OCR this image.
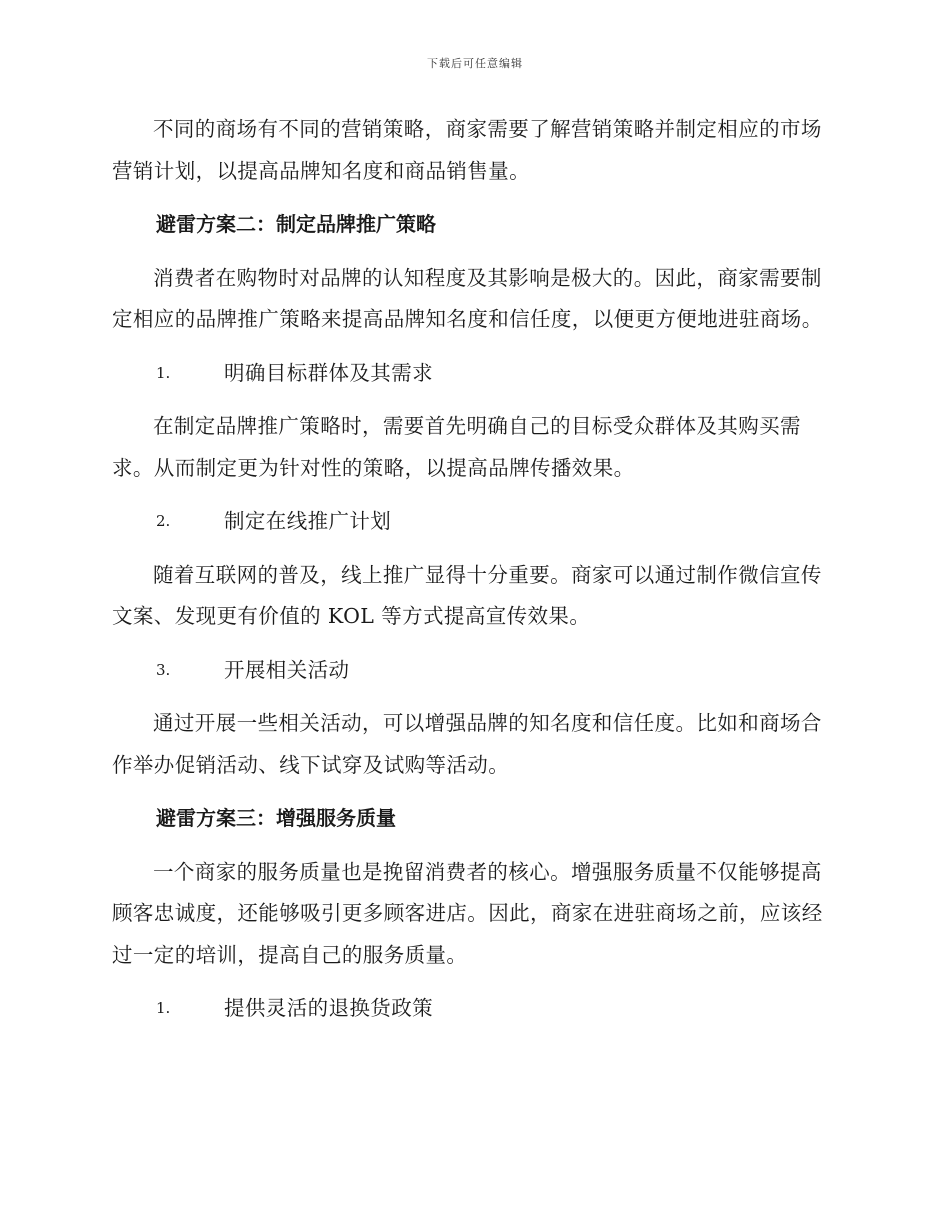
下载后可任意编辑

不同的商场有不同的营销策略，商家需要了解营销策略并制定相应的市场营销计划，以提高品牌知名度和商品销售量。

避雷方案二：制定品牌推广策略

消费者在购物时对品牌的认知程度及其影响是极大的。因此，商家需要制定相应的品牌推广策略来提高品牌知名度和信任度，以便更方便地进驻商场。

1.	明确目标群体及其需求

在制定品牌推广策略时，需要首先明确自己的目标受众群体及其购买需求。从而制定更为针对性的策略，以提高品牌传播效果。

2.	制定在线推广计划

随着互联网的普及，线上推广显得十分重要。商家可以通过制作微信宣传文案、发现更有价值的 KOL 等方式提高宣传效果。

3.	开展相关活动

通过开展一些相关活动，可以增强品牌的知名度和信任度。比如和商场合作举办促销活动、线下试穿及试购等活动。

避雷方案三：增强服务质量

一个商家的服务质量也是挽留消费者的核心。增强服务质量不仅能够提高顾客忠诚度，还能够吸引更多顾客进店。因此，商家在进驻商场之前，应该经过一定的培训，提高自己的服务质量。

1.	提供灵活的退换货政策
